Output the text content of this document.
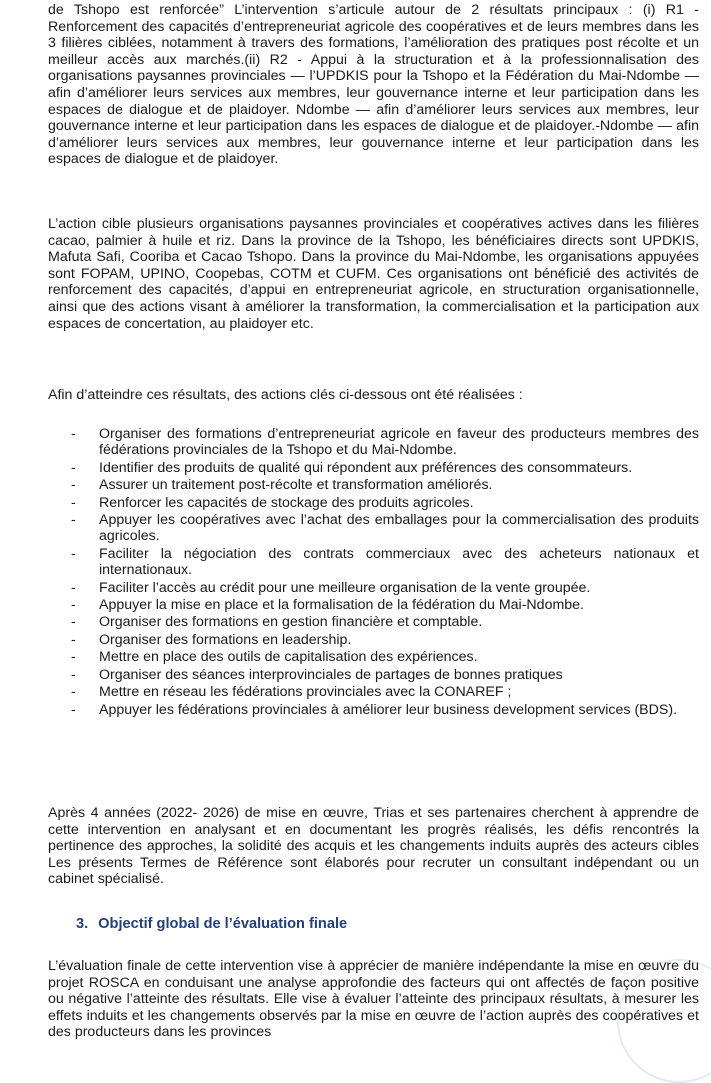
de Tshopo est renforcée” L’intervention s’articule autour de 2 résultats principaux : (i) R1 - Renforcement des capacités d’entrepreneuriat agricole des coopératives et de leurs membres dans les 3 filières ciblées, notamment à travers des formations, l’amélioration des pratiques post récolte et un meilleur accès aux marchés.(ii) R2 - Appui à la structuration et à la professionnalisation des organisations paysannes provinciales — l’UPDKIS pour la Tshopo et la Fédération du Mai-Ndombe — afin d’améliorer leurs services aux membres, leur gouvernance interne et leur participation dans les espaces de dialogue et de plaidoyer. Ndombe — afin d’améliorer leurs services aux membres, leur gouvernance interne et leur participation dans les espaces de dialogue et de plaidoyer.-Ndombe — afin d’améliorer leurs services aux membres, leur gouvernance interne et leur participation dans les espaces de dialogue et de plaidoyer.

L’action cible plusieurs organisations paysannes provinciales et coopératives actives dans les filières cacao, palmier à huile et riz. Dans la province de la Tshopo, les bénéficiaires directs sont UPDKIS, Mafuta Safi, Cooriba et Cacao Tshopo. Dans la province du Mai-Ndombe, les organisations appuyées sont FOPAM, UPINO, Coopebas, COTM et CUFM. Ces organisations ont bénéficié des activités de renforcement des capacités, d’appui en entrepreneuriat agricole, en structuration organisationnelle, ainsi que des actions visant à améliorer la transformation, la commercialisation et la participation aux espaces de concertation, au plaidoyer etc.

Afin d’atteindre ces résultats, des actions clés ci-dessous ont été réalisées :

- Organiser des formations d’entrepreneuriat agricole en faveur des producteurs membres des fédérations provinciales de la Tshopo et du Mai-Ndombe.
- Identifier des produits de qualité qui répondent aux préférences des consommateurs.
- Assurer un traitement post-récolte et transformation améliorés.
- Renforcer les capacités de stockage des produits agricoles.
- Appuyer les coopératives avec l’achat des emballages pour la commercialisation des produits agricoles.
- Faciliter la négociation des contrats commerciaux avec des acheteurs nationaux et internationaux.
- Faciliter l’accès au crédit pour une meilleure organisation de la vente groupée.
- Appuyer la mise en place et la formalisation de la fédération du Mai-Ndombe.
- Organiser des formations en gestion financière et comptable.
- Organiser des formations en leadership.
- Mettre en place des outils de capitalisation des expériences.
- Organiser des séances interprovinciales de partages de bonnes pratiques
- Mettre en réseau les fédérations provinciales avec la CONAREF ;
- Appuyer les fédérations provinciales à améliorer leur business development services (BDS).

Après 4 années (2022- 2026) de mise en œuvre, Trias et ses partenaires cherchent à apprendre de cette intervention en analysant et en documentant les progrès réalisés, les défis rencontrés la pertinence des approches, la solidité des acquis et les changements induits auprès des acteurs cibles Les présents Termes de Référence sont élaborés pour recruter un consultant indépendant ou un cabinet spécialisé.

3. Objectif global de l’évaluation finale

L’évaluation finale de cette intervention vise à apprécier de manière indépendante la mise en œuvre du projet ROSCA en conduisant une analyse approfondie des facteurs qui ont affectés de façon positive ou négative l’atteinte des résultats. Elle vise à évaluer l’atteinte des principaux résultats, à mesurer les effets induits et les changements observés par la mise en œuvre de l’action auprès des coopératives et des producteurs dans les provinces
